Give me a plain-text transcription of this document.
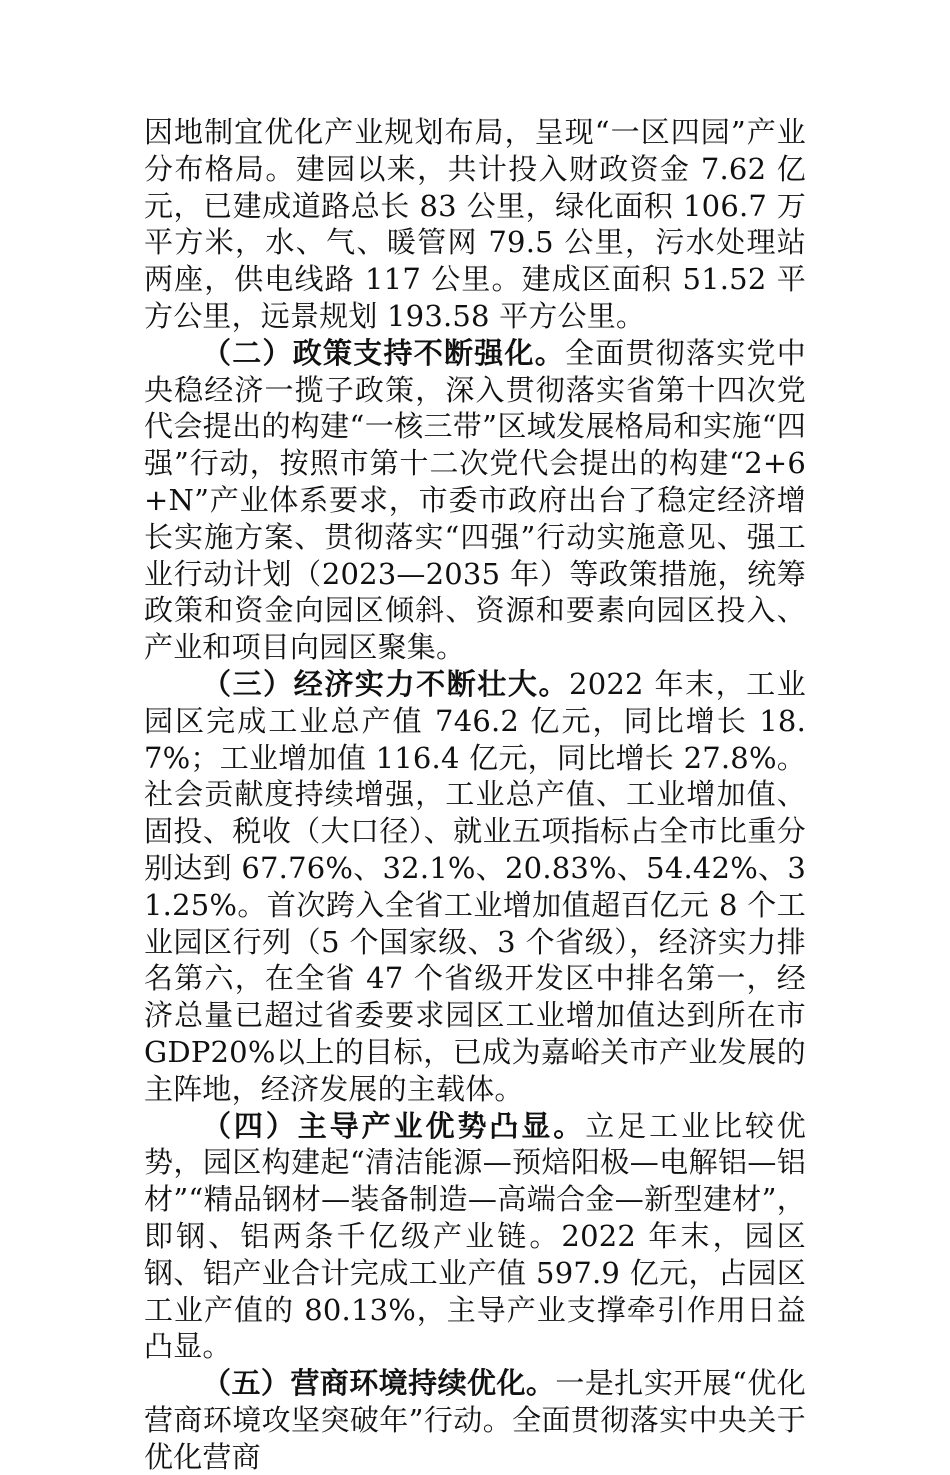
因地制宜优化产业规划布局，呈现“一区四园”产业分布格局。建园以来，共计投入财政资金 7.62 亿元，已建成道路总长 83 公里，绿化面积 106.7 万平方米，水、气、暖管网 79.5 公里，污水处理站两座，供电线路 117 公里。建成区面积 51.52 平方公里，远景规划 193.58 平方公里。

（二）政策支持不断强化。全面贯彻落实党中央稳经济一揽子政策，深入贯彻落实省第十四次党代会提出的构建“一核三带”区域发展格局和实施“四强”行动，按照市第十二次党代会提出的构建“2+6+N”产业体系要求，市委市政府出台了稳定经济增长实施方案、贯彻落实“四强”行动实施意见、强工业行动计划（2023—2035 年）等政策措施，统筹政策和资金向园区倾斜、资源和要素向园区投入、产业和项目向园区聚集。

（三）经济实力不断壮大。2022 年末，工业园区完成工业总产值 746.2 亿元，同比增长 18.7%；工业增加值 116.4 亿元，同比增长 27.8%。社会贡献度持续增强，工业总产值、工业增加值、固投、税收（大口径）、就业五项指标占全市比重分别达到 67.76%、32.1%、20.83%、54.42%、31.25%。首次跨入全省工业增加值超百亿元 8 个工业园区行列（5 个国家级、3 个省级），经济实力排名第六，在全省 47 个省级开发区中排名第一，经济总量已超过省委要求园区工业增加值达到所在市 GDP20%以上的目标，已成为嘉峪关市产业发展的主阵地，经济发展的主载体。

（四）主导产业优势凸显。立足工业比较优势，园区构建起“清洁能源—预焙阳极—电解铝—铝材”“精品钢材—装备制造—高端合金—新型建材”，即钢、铝两条千亿级产业链。2022 年末，园区钢、铝产业合计完成工业产值 597.9 亿元，占园区工业产值的 80.13%，主导产业支撑牵引作用日益凸显。

（五）营商环境持续优化。一是扎实开展“优化营商环境攻坚突破年”行动。全面贯彻落实中央关于优化营商
